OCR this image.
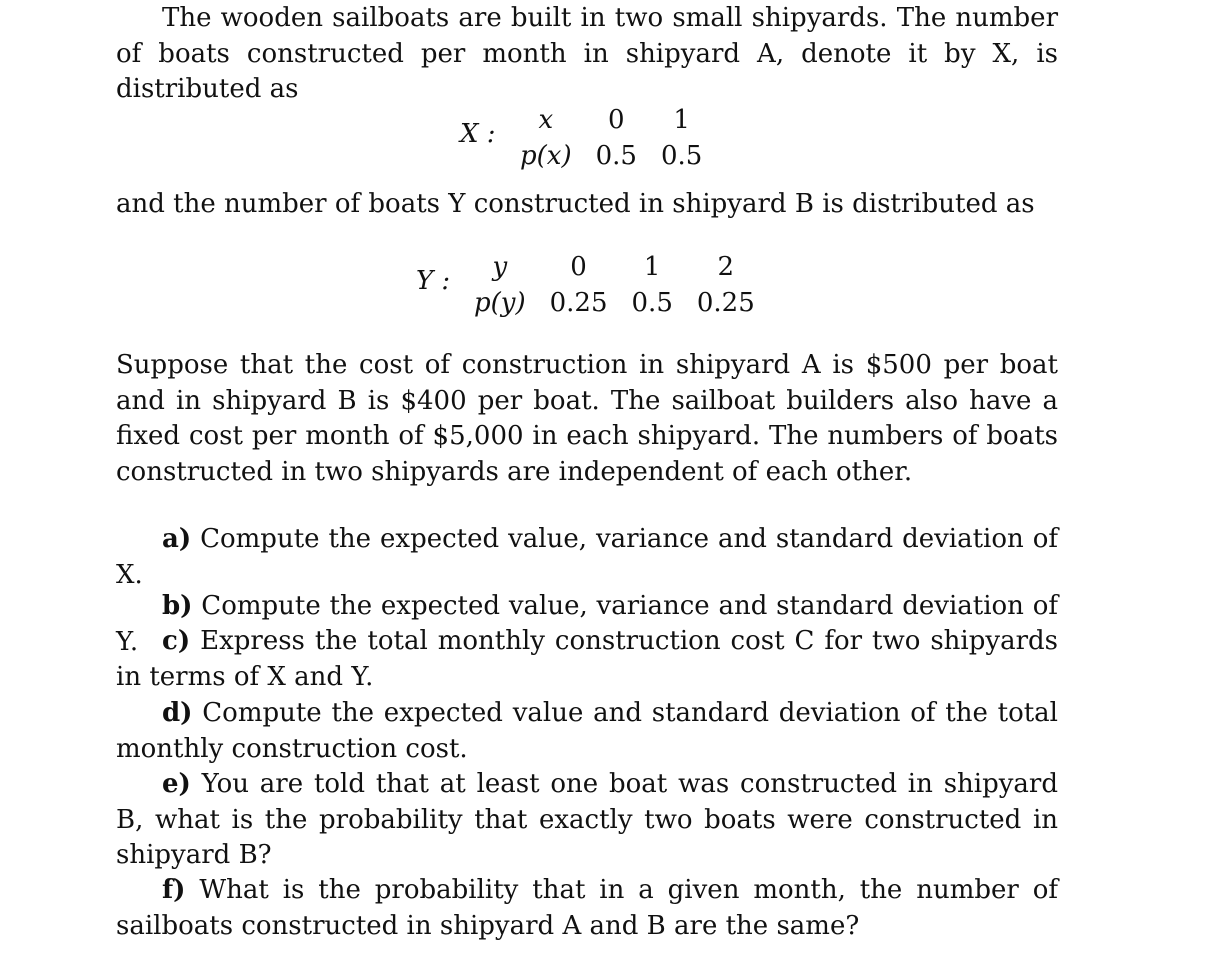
The wooden sailboats are built in two small shipyards. The number of boats constructed per month in shipyard A, denote it by X, is distributed as

X : x	0	1
p(x)	0.5	0.5

and the number of boats Y constructed in shipyard B is distributed as

Y : y	0	1	2
p(y)	0.25	0.5	0.25

Suppose that the cost of construction in shipyard A is $500 per boat and in shipyard B is $400 per boat. The sailboat builders also have a fixed cost per month of $5,000 in each shipyard. The numbers of boats constructed in two shipyards are independent of each other.

a) Compute the expected value, variance and standard deviation of X.

b) Compute the expected value, variance and standard deviation of Y. c) Express the total monthly construction cost C for two shipyards in terms of X and Y.

d) Compute the expected value and standard deviation of the total monthly construction cost.

e) You are told that at least one boat was constructed in shipyard B, what is the probability that exactly two boats were constructed in shipyard B?

f) What is the probability that in a given month, the number of sailboats constructed in shipyard A and B are the same?
